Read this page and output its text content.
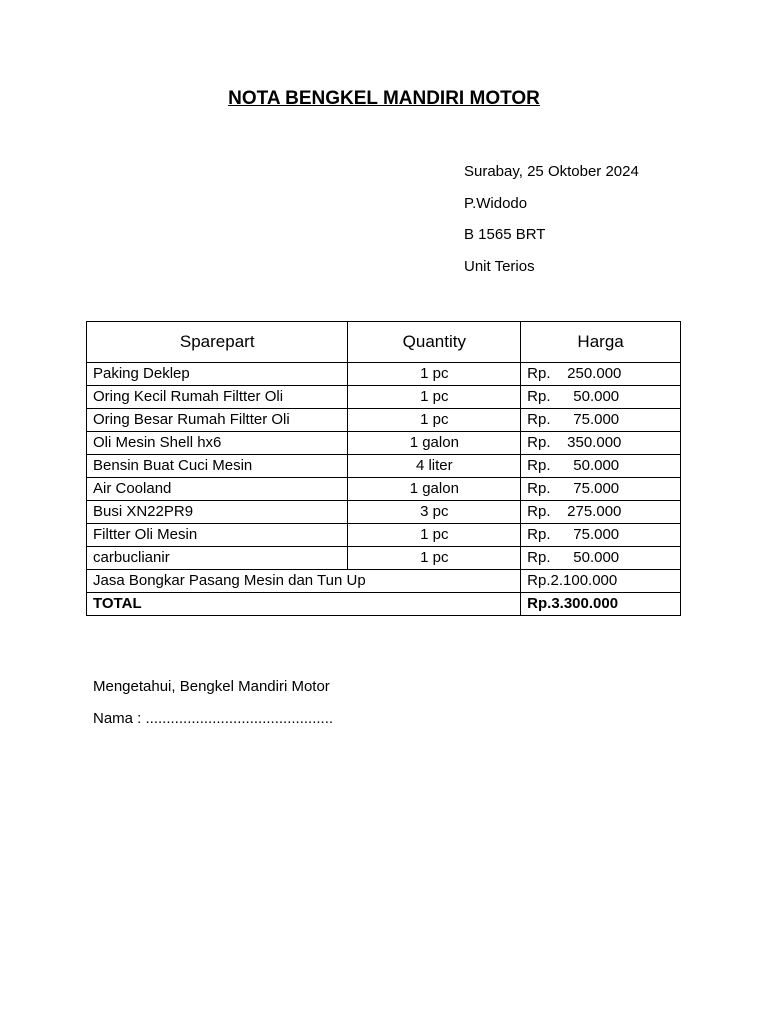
NOTA BENGKEL MANDIRI MOTOR
Surabay, 25 Oktober 2024
P.Widodo
B 1565 BRT
Unit Terios
Sparepart	Quantity	Harga
Paking Deklep	1 pc	Rp. 250.000
Oring Kecil Rumah Filtter Oli	1 pc	Rp. 50.000
Oring Besar Rumah Filtter Oli	1 pc	Rp. 75.000
Oli Mesin Shell hx6	1 galon	Rp. 350.000
Bensin Buat Cuci Mesin	4 liter	Rp. 50.000
Air Cooland	1 galon	Rp. 75.000
Busi XN22PR9	3 pc	Rp. 275.000
Filtter Oli Mesin	1 pc	Rp. 75.000
carbuclianir	1 pc	Rp. 50.000
Jasa Bongkar Pasang Mesin dan Tun Up		Rp.2.100.000
TOTAL		Rp.3.300.000
Mengetahui, Bengkel Mandiri Motor
Nama : .............................................
